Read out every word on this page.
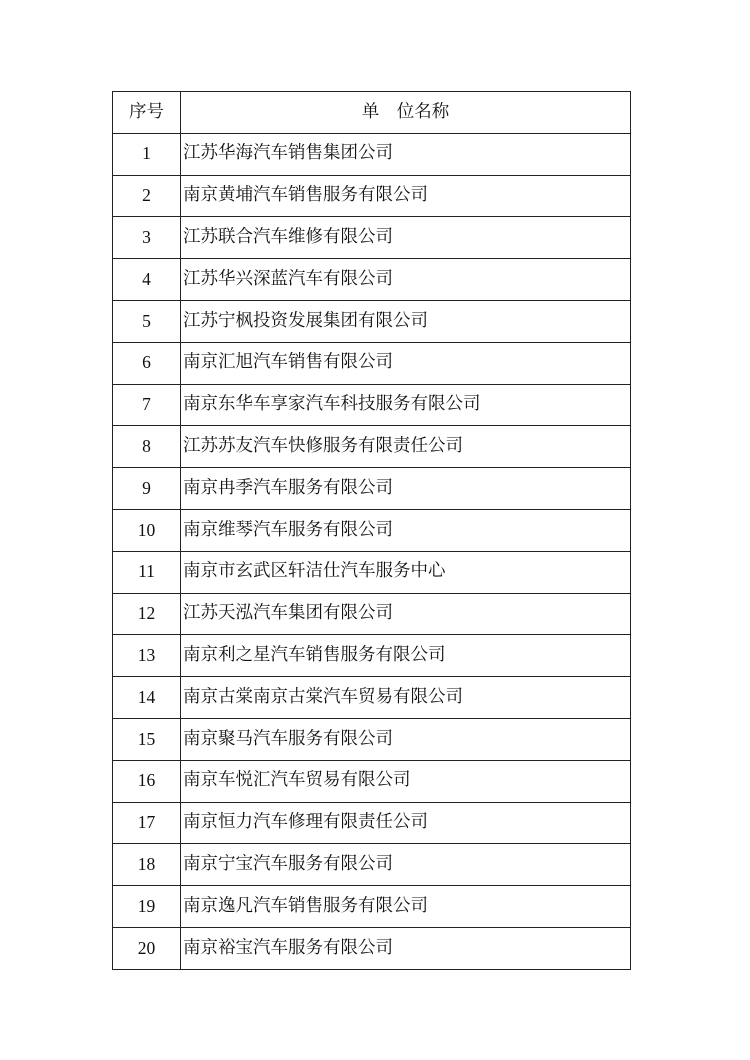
序号	单　位名称
1	江苏华海汽车销售集团公司
2	南京黄埔汽车销售服务有限公司
3	江苏联合汽车维修有限公司
4	江苏华兴深蓝汽车有限公司
5	江苏宁枫投资发展集团有限公司
6	南京汇旭汽车销售有限公司
7	南京东华车享家汽车科技服务有限公司
8	江苏苏友汽车快修服务有限责任公司
9	南京冉季汽车服务有限公司
10	南京维琴汽车服务有限公司
11	南京市玄武区轩洁仕汽车服务中心
12	江苏天泓汽车集团有限公司
13	南京利之星汽车销售服务有限公司
14	南京古棠南京古棠汽车贸易有限公司
15	南京聚马汽车服务有限公司
16	南京车悦汇汽车贸易有限公司
17	南京恒力汽车修理有限责任公司
18	南京宁宝汽车服务有限公司
19	南京逸凡汽车销售服务有限公司
20	南京裕宝汽车服务有限公司
